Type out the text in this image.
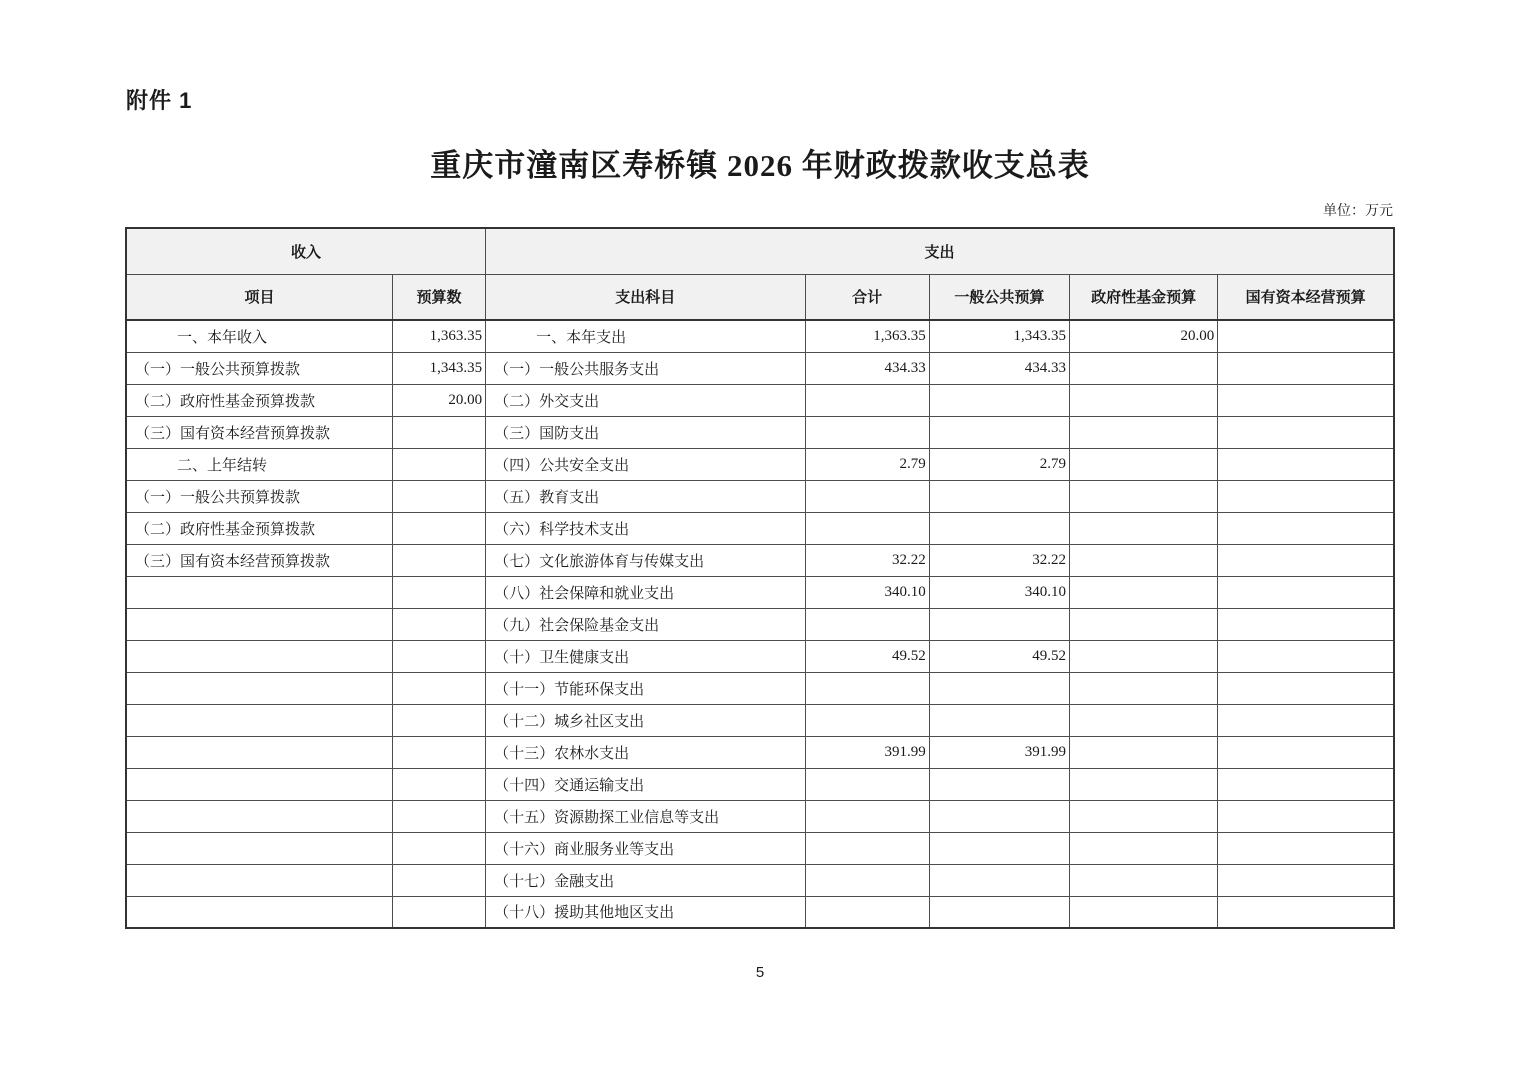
附件 1
重庆市潼南区寿桥镇 2026 年财政拨款收支总表
单位：万元
收入		支出				
项目	预算数	支出科目	合计	一般公共预算	政府性基金预算	国有资本经营预算
一、本年收入	1,363.35	一、本年支出	1,363.35	1,343.35	20.00	
（一）一般公共预算拨款	1,343.35	（一）一般公共服务支出	434.33	434.33		
（二）政府性基金预算拨款	20.00	（二）外交支出				
（三）国有资本经营预算拨款		（三）国防支出				
二、上年结转		（四）公共安全支出	2.79	2.79		
（一）一般公共预算拨款		（五）教育支出				
（二）政府性基金预算拨款		（六）科学技术支出				
（三）国有资本经营预算拨款		（七）文化旅游体育与传媒支出	32.22	32.22		
		（八）社会保障和就业支出	340.10	340.10		
		（九）社会保险基金支出				
		（十）卫生健康支出	49.52	49.52		
		（十一）节能环保支出				
		（十二）城乡社区支出				
		（十三）农林水支出	391.99	391.99		
		（十四）交通运输支出				
		（十五）资源勘探工业信息等支出				
		（十六）商业服务业等支出				
		（十七）金融支出				
		（十八）援助其他地区支出				
5
